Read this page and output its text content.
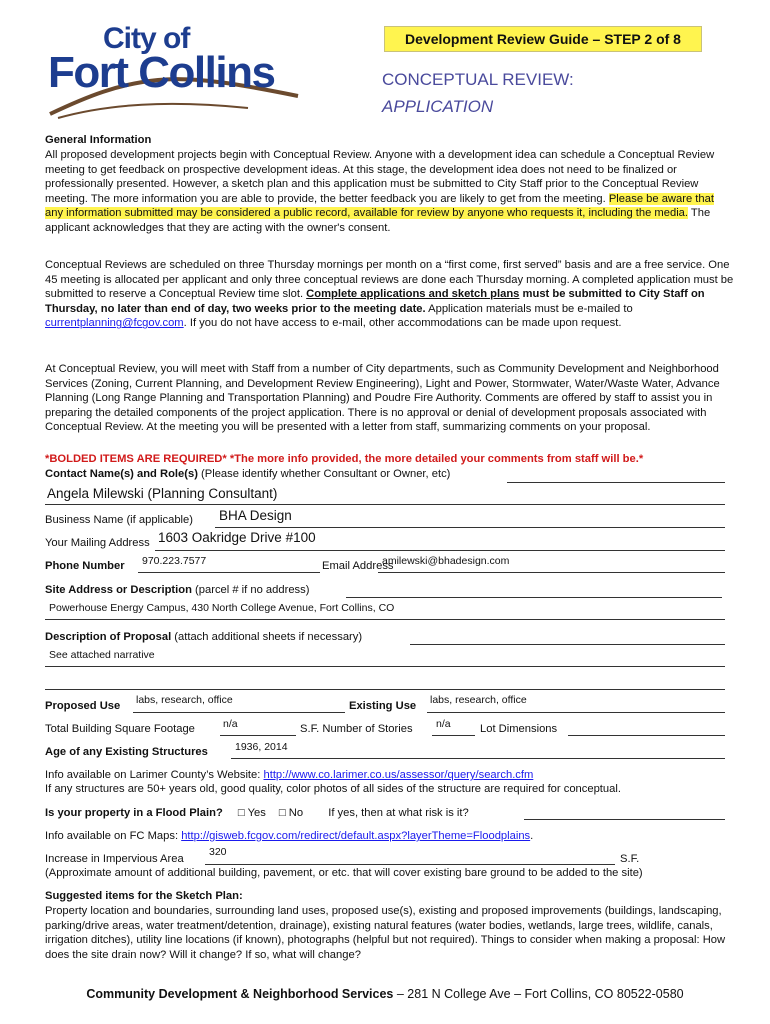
City of
Fort Collins
Development Review Guide – STEP 2 of 8
CONCEPTUAL REVIEW:
APPLICATION
General Information
All proposed development projects begin with Conceptual Review. Anyone with a development idea can schedule a Conceptual Review meeting to get feedback on prospective development ideas. At this stage, the development idea does not need to be finalized or professionally presented. However, a sketch plan and this application must be submitted to City Staff prior to the Conceptual Review meeting. The more information you are able to provide, the better feedback you are likely to get from the meeting. Please be aware that any information submitted may be considered a public record, available for review by anyone who requests it, including the media. The applicant acknowledges that they are acting with the owner's consent.
Conceptual Reviews are scheduled on three Thursday mornings per month on a “first come, first served” basis and are a free service. One 45 meeting is allocated per applicant and only three conceptual reviews are done each Thursday morning. A completed application must be submitted to reserve a Conceptual Review time slot. Complete applications and sketch plans must be submitted to City Staff on Thursday, no later than end of day, two weeks prior to the meeting date. Application materials must be e-mailed to currentplanning@fcgov.com. If you do not have access to e-mail, other accommodations can be made upon request.
At Conceptual Review, you will meet with Staff from a number of City departments, such as Community Development and Neighborhood Services (Zoning, Current Planning, and Development Review Engineering), Light and Power, Stormwater, Water/Waste Water, Advance Planning (Long Range Planning and Transportation Planning) and Poudre Fire Authority. Comments are offered by staff to assist you in preparing the detailed components of the project application. There is no approval or denial of development proposals associated with Conceptual Review. At the meeting you will be presented with a letter from staff, summarizing comments on your proposal.
*BOLDED ITEMS ARE REQUIRED* *The more info provided, the more detailed your comments from staff will be.*
Contact Name(s) and Role(s) (Please identify whether Consultant or Owner, etc)
Angela Milewski (Planning Consultant)
Business Name (if applicable) BHA Design
Your Mailing Address 1603 Oakridge Drive #100
Phone Number 970.223.7577	Email Address
amilewski@bhadesign.com
Site Address or Description (parcel # if no address)
Powerhouse Energy Campus, 430 North College Avenue, Fort Collins, CO
Description of Proposal (attach additional sheets if necessary)
See attached narrative
Proposed Use labs, research, office	Existing Use labs, research, office
Total Building Square Footage	n/a	S.F. Number of Stories n/a	Lot Dimensions
Age of any Existing Structures	1936, 2014
Info available on Larimer County’s Website: http://www.co.larimer.co.us/assessor/query/search.cfm
If any structures are 50+ years old, good quality, color photos of all sides of the structure are required for conceptual.
Is your property in a Flood Plain? □ Yes □ No If yes, then at what risk is it?
Info available on FC Maps: http://gisweb.fcgov.com/redirect/default.aspx?layerTheme=Floodplains.
Increase in Impervious Area
320
S.F.
(Approximate amount of additional building, pavement, or etc. that will cover existing bare ground to be added to the site)
Suggested items for the Sketch Plan:
Property location and boundaries, surrounding land uses, proposed use(s), existing and proposed improvements (buildings, landscaping, parking/drive areas, water treatment/detention, drainage), existing natural features (water bodies, wetlands, large trees, wildlife, canals, irrigation ditches), utility line locations (if known), photographs (helpful but not required). Things to consider when making a proposal: How does the site drain now? Will it change? If so, what will change?
Community Development & Neighborhood Services – 281 N College Ave – Fort Collins, CO 80522-0580
